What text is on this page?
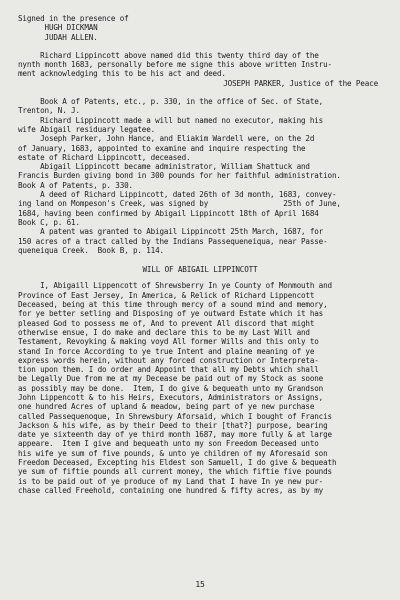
Signed in the presence of

HUGH DICKMAN

JUDAH ALLEN.

Richard Lippincott above named did this twenty third day of the

nynth month 1683, personally before me signe this above written Instru-

ment acknowledging this to be his act and deed.

JOSEPH PARKER, Justice of the Peace

Book A of Patents, etc., p. 330, in the office of Sec. of State,

Trenton, N. J.

Richard Lippincott made a will but named no executor, making his

wife Abigail residuary legatee.

Joseph Parker, John Hance, and Eliakim Wardell were, on the 2d

of January, 1683, appointed to examine and inquire respecting the

estate of Richard Lippincott, deceased.

Abigail Lippincott became administrator, William Shattuck and

Francis Burden giving bond in 300 pounds for her faithful administration.

Book A of Patents, p. 330.

A deed of Richard Lippincott, dated 26th of 3d month, 1683, convey-

ing land on Mompeson's Creek, was signed by                 25th of June,

1684, having been confirmed by Abigail Lippincott 18th of April 1684

Book C, p. 61.

A patent was granted to Abigail Lippincott 25th March, 1687, for

150 acres of a tract called by the Indians Passequeneiqua, near Passe-

queneiqua Creek.  Book B, p. 114.

WILL OF ABIGAIL LIPPINCOTT

I, Abigaill Lippencott of Shrewsberry In ye County of Monmouth and

Province of East Jersey, In America, & Relick of Richard Lippencott

Deceased, being at this time through mercy of a sound mind and memory,

for ye better setling and Disposing of ye outward Estate which it has

pleased God to possess me of, And to prevent All discord that might

otherwise ensue, I do make and declare this to be my Last Will and

Testament, Revoyking & making voyd All former Wills and this only to

stand In force According to ye true Intent and plaine meaning of ye

express words herein, without any forced construction or Interpreta-

tion upon them. I do order and Appoint that all my Debts which shall

be Legally Due from me at my Decease be paid out of my Stock as soone

as possibly may be done.  Item, I do give & bequeath unto my Grandson

John Lippencott & to his Heirs, Executors, Administrators or Assigns,

one hundred Acres of upland & meadow, being part of ye new purchase

called Passequenoque, In Shrewsbury Aforsaid, which I bought of Francis

Jackson & his wife, as by their Deed to their [that?] purpose, bearing

date ye sixteenth day of ye third month 1687, may more fully & at large

appeare.  Item I give and bequeath unto my son Freedom Deceased unto

his wife ye sum of five pounds, & unto ye children of my Aforesaid son

Freedom Deceased, Excepting his Eldest son Samuell, I do give & bequeath

ye sum of fiftie pounds all current money, the which fiftie five pounds

is to be paid out of ye produce of my Land that I have In ye new pur-

chase called Freehold, containing one hundred & fifty acres, as by my

15
